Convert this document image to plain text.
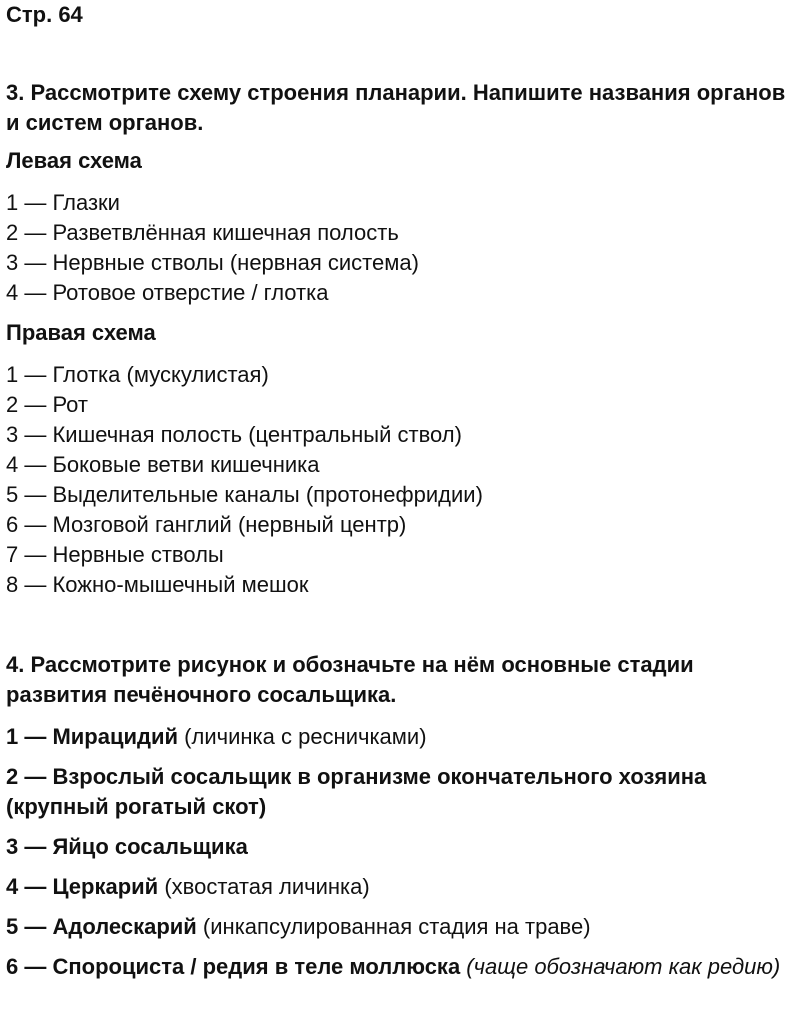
Стр. 64
3. Рассмотрите схему строения планарии. Напишите названия органов и систем органов.
Левая схема
1 — Глазки
2 — Разветвлённая кишечная полость
3 — Нервные стволы (нервная система)
4 — Ротовое отверстие / глотка
Правая схема
1 — Глотка (мускулистая)
2 — Рот
3 — Кишечная полость (центральный ствол)
4 — Боковые ветви кишечника
5 — Выделительные каналы (протонефридии)
6 — Мозговой ганглий (нервный центр)
7 — Нервные стволы
8 — Кожно-мышечный мешок
4. Рассмотрите рисунок и обозначьте на нём основные стадии развития печёночного сосальщика.
1 — Мирацидий (личинка с ресничками)
2 — Взрослый сосальщик в организме окончательного хозяина (крупный рогатый скот)
3 — Яйцо сосальщика
4 — Церкарий (хвостатая личинка)
5 — Адолескарий (инкапсулированная стадия на траве)
6 — Спороциста / редия в теле моллюска (чаще обозначают как редию)
